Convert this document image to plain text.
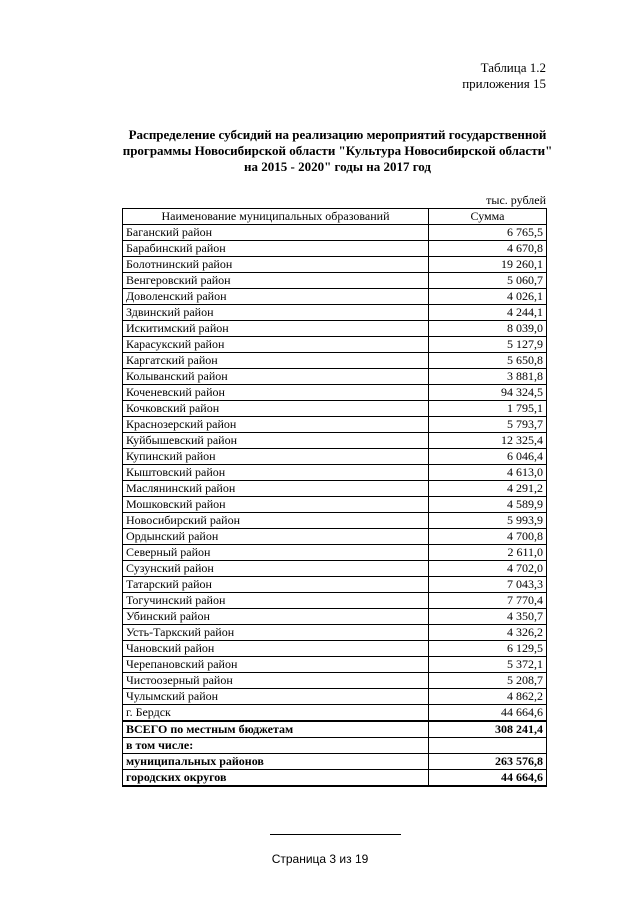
Таблица 1.2
приложения 15
Распределение субсидий на реализацию мероприятий государственной
программы Новосибирской области "Культура Новосибирской области"
на 2015 - 2020" годы на 2017 год
тыс. рублей
Наименование муниципальных образований	Сумма
Баганский район	6 765,5
Барабинский район	4 670,8
Болотнинский район	19 260,1
Венгеровский район	5 060,7
Доволенский район	4 026,1
Здвинский район	4 244,1
Искитимский район	8 039,0
Карасукский район	5 127,9
Каргатский район	5 650,8
Колыванский район	3 881,8
Коченевский район	94 324,5
Кочковский район	1 795,1
Краснозерский район	5 793,7
Куйбышевский район	12 325,4
Купинский район	6 046,4
Кыштовский район	4 613,0
Маслянинский район	4 291,2
Мошковский район	4 589,9
Новосибирский район	5 993,9
Ордынский район	4 700,8
Северный район	2 611,0
Сузунский район	4 702,0
Татарский район	7 043,3
Тогучинский район	7 770,4
Убинский район	4 350,7
Усть-Таркский район	4 326,2
Чановский район	6 129,5
Черепановский район	5 372,1
Чистоозерный район	5 208,7
Чулымский район	4 862,2
г. Бердск	44 664,6
ВСЕГО по местным бюджетам	308 241,4
в том числе:	
муниципальных районов	263 576,8
городских округов	44 664,6
Страница 3 из 19
